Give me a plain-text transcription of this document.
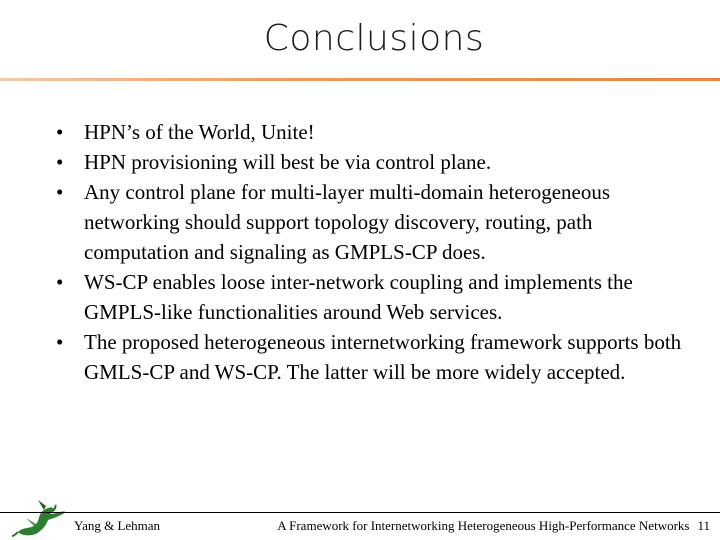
Conclusions
• HPN’s of the World, Unite!
• HPN provisioning will best be via control plane.
• Any control plane for multi-layer multi-domain heterogeneous networking should support topology discovery, routing, path computation and signaling as GMPLS-CP does.
• WS-CP enables loose inter-network coupling and implements the GMPLS-like functionalities around Web services.
• The proposed heterogeneous internetworking framework supports both GMLS-CP and WS-CP. The latter will be more widely accepted.
Yang & Lehman	A Framework for Internetworking Heterogeneous High-Performance Networks 11
